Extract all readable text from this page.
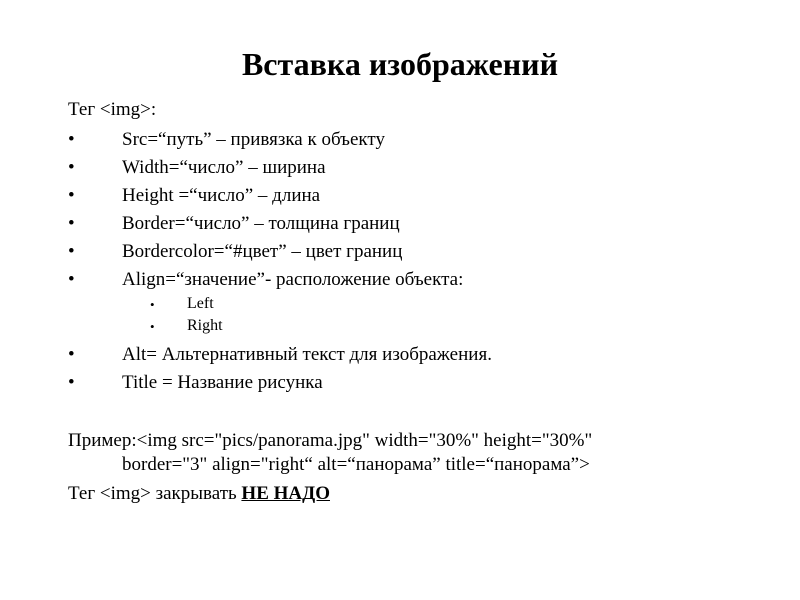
Вставка изображений
Тег <img>:
• Src=“путь” – привязка к объекту
• Width=“число” – ширина
• Height =“число” – длина
• Border=“число” – толщина границ
• Bordercolor=“#цвет” – цвет границ
• Align=“значение”- расположение объекта:
• Left
• Right
• Alt= Альтернативный текст для изображения.
• Title = Название рисунка
Пример:<img src="pics/panorama.jpg" width="30%" height="30%"
border="3" align="right“ alt=“панорама” title=“панорама”>
Тег <img> закрывать НЕ НАДО
